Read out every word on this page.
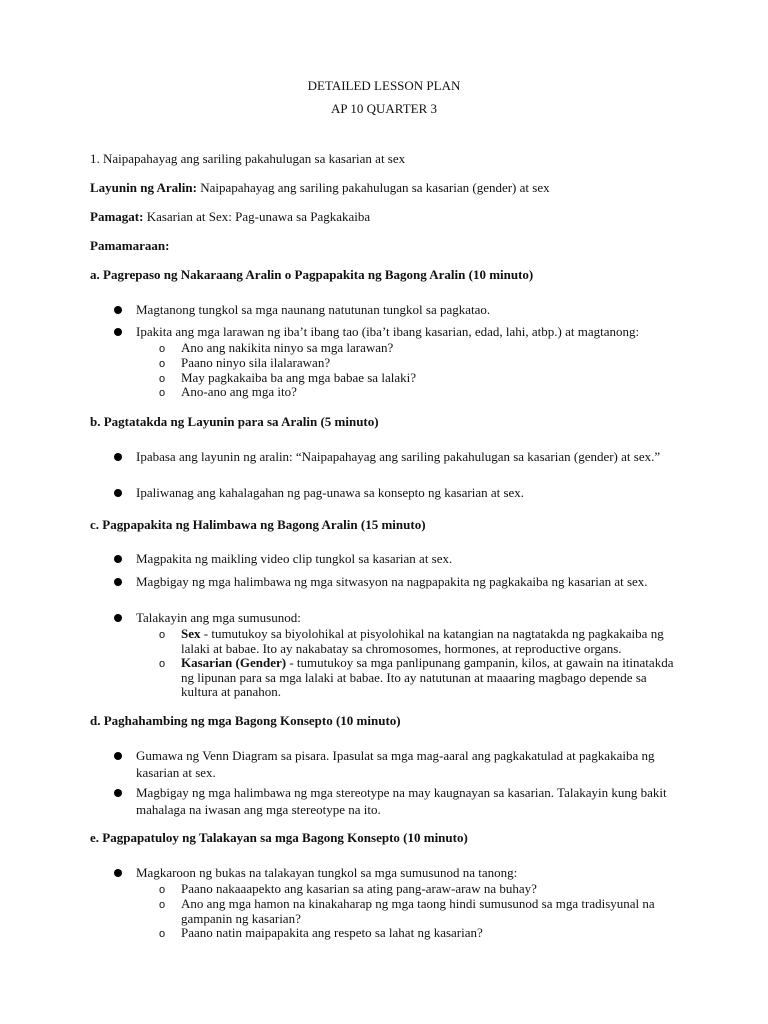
DETAILED LESSON PLAN
AP 10 QUARTER 3
1. Naipapahayag ang sariling pakahulugan sa kasarian at sex
Layunin ng Aralin: Naipapahayag ang sariling pakahulugan sa kasarian (gender) at sex
Pamagat: Kasarian at Sex: Pag-unawa sa Pagkakaiba
Pamamaraan:
a. Pagrepaso ng Nakaraang Aralin o Pagpapakita ng Bagong Aralin (10 minuto)
Magtanong tungkol sa mga naunang natutunan tungkol sa pagkatao.
Ipakita ang mga larawan ng iba’t ibang tao (iba’t ibang kasarian, edad, lahi, atbp.) at magtanong:
o Ano ang nakikita ninyo sa mga larawan?
o Paano ninyo sila ilalarawan?
o May pagkakaiba ba ang mga babae sa lalaki?
o Ano-ano ang mga ito?
b. Pagtatakda ng Layunin para sa Aralin (5 minuto)
Ipabasa ang layunin ng aralin: “Naipapahayag ang sariling pakahulugan sa kasarian (gender) at sex.”
Ipaliwanag ang kahalagahan ng pag-unawa sa konsepto ng kasarian at sex.
c. Pagpapakita ng Halimbawa ng Bagong Aralin (15 minuto)
Magpakita ng maikling video clip tungkol sa kasarian at sex.
Magbigay ng mga halimbawa ng mga sitwasyon na nagpapakita ng pagkakaiba ng kasarian at sex.
Talakayin ang mga sumusunod:
o Sex - tumutukoy sa biyolohikal at pisyolohikal na katangian na nagtatakda ng pagkakaiba ng lalaki at babae. Ito ay nakabatay sa chromosomes, hormones, at reproductive organs.
o Kasarian (Gender) - tumutukoy sa mga panlipunang gampanin, kilos, at gawain na itinatakda ng lipunan para sa mga lalaki at babae. Ito ay natutunan at maaaring magbago depende sa kultura at panahon.
d. Paghahambing ng mga Bagong Konsepto (10 minuto)
Gumawa ng Venn Diagram sa pisara. Ipasulat sa mga mag-aaral ang pagkakatulad at pagkakaiba ng kasarian at sex.
Magbigay ng mga halimbawa ng mga stereotype na may kaugnayan sa kasarian. Talakayin kung bakit mahalaga na iwasan ang mga stereotype na ito.
e. Pagpapatuloy ng Talakayan sa mga Bagong Konsepto (10 minuto)
Magkaroon ng bukas na talakayan tungkol sa mga sumusunod na tanong:
o Paano nakaaapekto ang kasarian sa ating pang-araw-araw na buhay?
o Ano ang mga hamon na kinakaharap ng mga taong hindi sumusunod sa mga tradisyunal na gampanin ng kasarian?
o Paano natin maipapakita ang respeto sa lahat ng kasarian?
